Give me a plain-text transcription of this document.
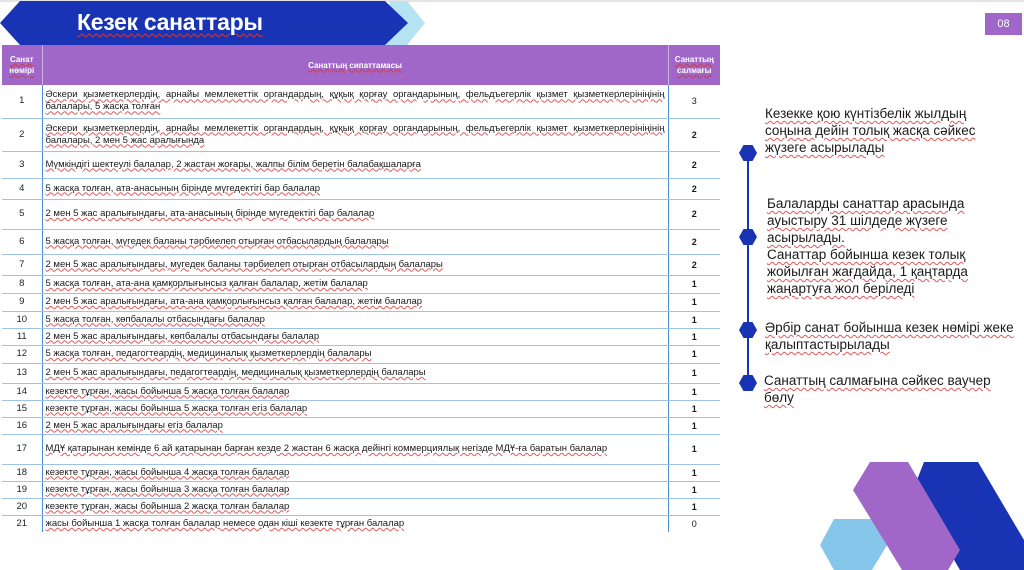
Кезек санаттары	08
Санат нөмірі	Санаттың сипаттамасы	Санаттың салмағы
1	Әскери қызметкерлердің, арнайы мемлекеттік органдардың, құқық қорғау органдарының, фельдъегерлік қызмет қызметкерлерініңінің балалары, 5 жасқа толған	3
2	Әскери қызметкерлердің, арнайы мемлекеттік органдардың, құқық қорғау органдарының, фельдъегерлік қызмет қызметкерлерініңінің балалары, 2 мен 5 жас аралығында	2
3	Мүмкіндігі шектеулі балалар, 2 жастан жоғары, жалпы білім беретін балабақшаларға	2
4	5 жасқа толған, ата-анасының бірінде мүгедектігі бар балалар	2
5	2 мен 5 жас аралығындағы, ата-анасының бірінде мүгедектігі бар балалар	2
6	5 жасқа толған, мүгедек баланы тәрбиелеп отырған отбасылардың балалары	2
7	2 мен 5 жас аралығындағы, мүгедек баланы тәрбиелеп отырған отбасылардың балалары	2
8	5 жасқа толған, ата-ана қамқорлығынсыз қалған балалар, жетім балалар	1
9	2 мен 5 жас аралығындағы, ата-ана қамқорлығынсыз қалған балалар, жетім балалар	1
10	5 жасқа толған, көпбалалы отбасындағы балалар	1
11	2 мен 5 жас аралығындағы, көпбалалы отбасындағы балалар	1
12	5 жасқа толған, педагогтеардің, медициналық қызметкерлердің балалары	1
13	2 мен 5 жас аралығындағы, педагогтеардің, медициналық қызметкерлердің балалары	1
14	кезекте тұрған, жасы бойынша 5 жасқа толған балалар	1
15	кезекте тұрған, жасы бойынша 5 жасқа толған егіз балалар	1
16	2 мен 5 жас аралығындағы егіз балалар	1
17	МДҰ қатарынан кемінде 6 ай қатарынан барған кезде 2 жастан 6 жасқа дейінгі коммерциялық негізде МДҰ-ға баратын балалар	1
18	кезекте тұрған, жасы бойынша 4 жасқа толған балалар	1
19	кезекте тұрған, жасы бойынша 3 жасқа толған балалар	1
20	кезекте тұрған, жасы бойынша 2 жасқа толған балалар	1
21	жасы бойынша 1 жасқа толған балалар немесе одан кіші кезекте тұрған балалар	0
Кезекке қою күнтізбелік жылдың соңына дейін толық жасқа сәйкес жүзеге асырылады
Балаларды санаттар арасында ауыстыру 31 шілдеде жүзеге асырылады.
Санаттар бойынша кезек толық жойылған жағдайда, 1 қаңтарда жаңартуға жол беріледі
Әрбір санат бойынша кезек нөмірі жеке қалыптастырылады
Санаттың салмағына сәйкес ваучер бөлу
